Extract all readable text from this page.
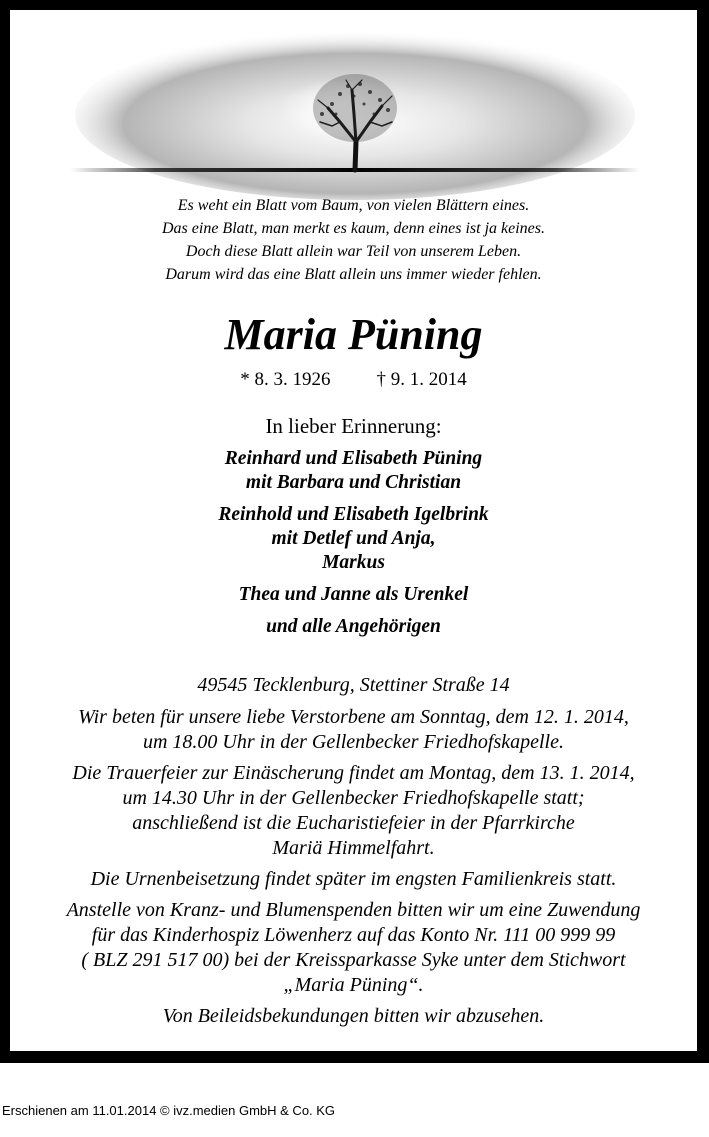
Es weht ein Blatt vom Baum, von vielen Blättern eines.
Das eine Blatt, man merkt es kaum, denn eines ist ja keines.
Doch diese Blatt allein war Teil von unserem Leben.
Darum wird das eine Blatt allein uns immer wieder fehlen.
Maria Püning
* 8. 3. 1926 † 9. 1. 2014
In lieber Erinnerung:
Reinhard und Elisabeth Püning
mit Barbara und Christian
Reinhold und Elisabeth Igelbrink
mit Detlef und Anja,
Markus
Thea und Janne als Urenkel
und alle Angehörigen
49545 Tecklenburg, Stettiner Straße 14
Wir beten für unsere liebe Verstorbene am Sonntag, dem 12. 1. 2014,
um 18.00 Uhr in der Gellenbecker Friedhofskapelle.
Die Trauerfeier zur Einäscherung findet am Montag, dem 13. 1. 2014,
um 14.30 Uhr in der Gellenbecker Friedhofskapelle statt;
anschließend ist die Eucharistiefeier in der Pfarrkirche
Mariä Himmelfahrt.
Die Urnenbeisetzung findet später im engsten Familienkreis statt.
Anstelle von Kranz- und Blumenspenden bitten wir um eine Zuwendung
für das Kinderhospiz Löwenherz auf das Konto Nr. 111 00 999 99
( BLZ 291 517 00) bei der Kreissparkasse Syke unter dem Stichwort
„Maria Püning“.
Von Beileidsbekundungen bitten wir abzusehen.
Erschienen am 11.01.2014 © ivz.medien GmbH & Co. KG
